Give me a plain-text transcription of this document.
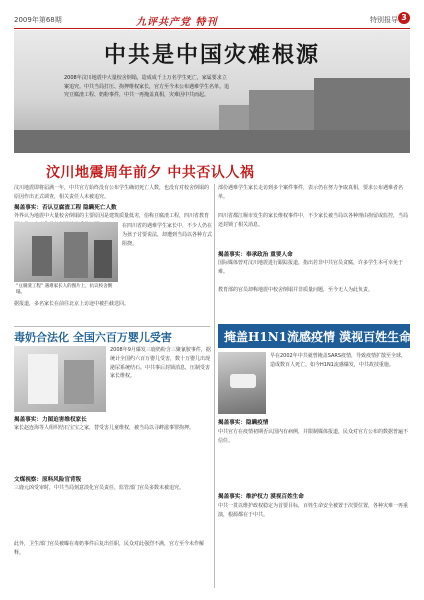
2009年第68期	九评共产党 特刊	特别报导 3
中共是中国灾难根源
2008年汶川地震中大量校舍倒塌，造成成千上万名学生死亡，家属要求立案追究。中共当局打压、拘押维权家长，官方至今未公布遇难学生名单。追究豆腐渣工程、奶粉事件，中共一再掩盖真相，灾难因中共而起。
汶川地震周年前夕 中共否认人祸
汶川地震即将届满一年，中共官方始终没有公布学生确切死亡人数，也没有对校舍倒塌的原因作出正式调查，相关责任人未被追究。
揭盖事实：否认豆腐渣工程 隐瞒死亡人数
外界认为地震中大量校舍倒塌的主要原因是建筑质量低劣，俗称豆腐渣工程，四川省教育
“豆腐渣工程” 遇难家长人的图片上，抗议校舍倒塌。
在四川省的遇难学生家长中，不少人仍在为孩子讨要说法，却遭到当局以各种方式阻挠。
据报道，多名家长在前往北京上访途中被拦截送回。
毒奶合法化 全国六百万婴儿受害
2008年9月爆发三鹿奶粉含三聚氰胺事件，据统计全国约六百万婴儿受害，数十万婴儿出现泌尿系统结石。中共事后封锁消息，压制受害家长维权。
揭盖事实：力图迫害维权家长
家长赵连海等人组织结石宝宝之家，替受害儿童维权，被当局以寻衅滋事罪拘押。
文煤视察：原料风险官背叛
三鹿元凶受审时，中共当局刻意淡化官员责任，监管部门官员多数未被追究。
此外，卫生部门官员被曝在毒奶事件后复出任职，民众对此强烈不满，官方至今未作解释。
部份遇难学生家长走访到多个案件事件，表示仍在努力争取真相，要求公布遇难者名单。
四川省都江堰市发生的家长维权事件中，不少家长被当局以各种理由拘留或监控，当局还封锁了相关消息。
揭盖事实：奉承政治 重要人命
国际媒体曾对汶川地震进行跟踪报道，指出若非中共官员贪腐，许多学生本可幸免于难。
教育部的官员却称地震中校舍倒塌并非质量问题，至今无人为此负责。
掩盖H1N1流感疫情 漠视百姓生命
早在2002年中共就曾掩盖SARS疫情，导致疫情扩散至全球，造成数百人死亡。如今H1N1流感爆发，中共故技重施。
揭盖事实：隐瞒疫情
中共官方在疫情初期否认国内有病例，并限制媒体报道，民众对官方公布的数据普遍不信任。
揭盖事实：维护权力 漠视百姓生命
中共一贯以维护政权稳定为首要目标，百姓生命安全被置于次要位置，各种灾难一再重演，根源都在于中共。
